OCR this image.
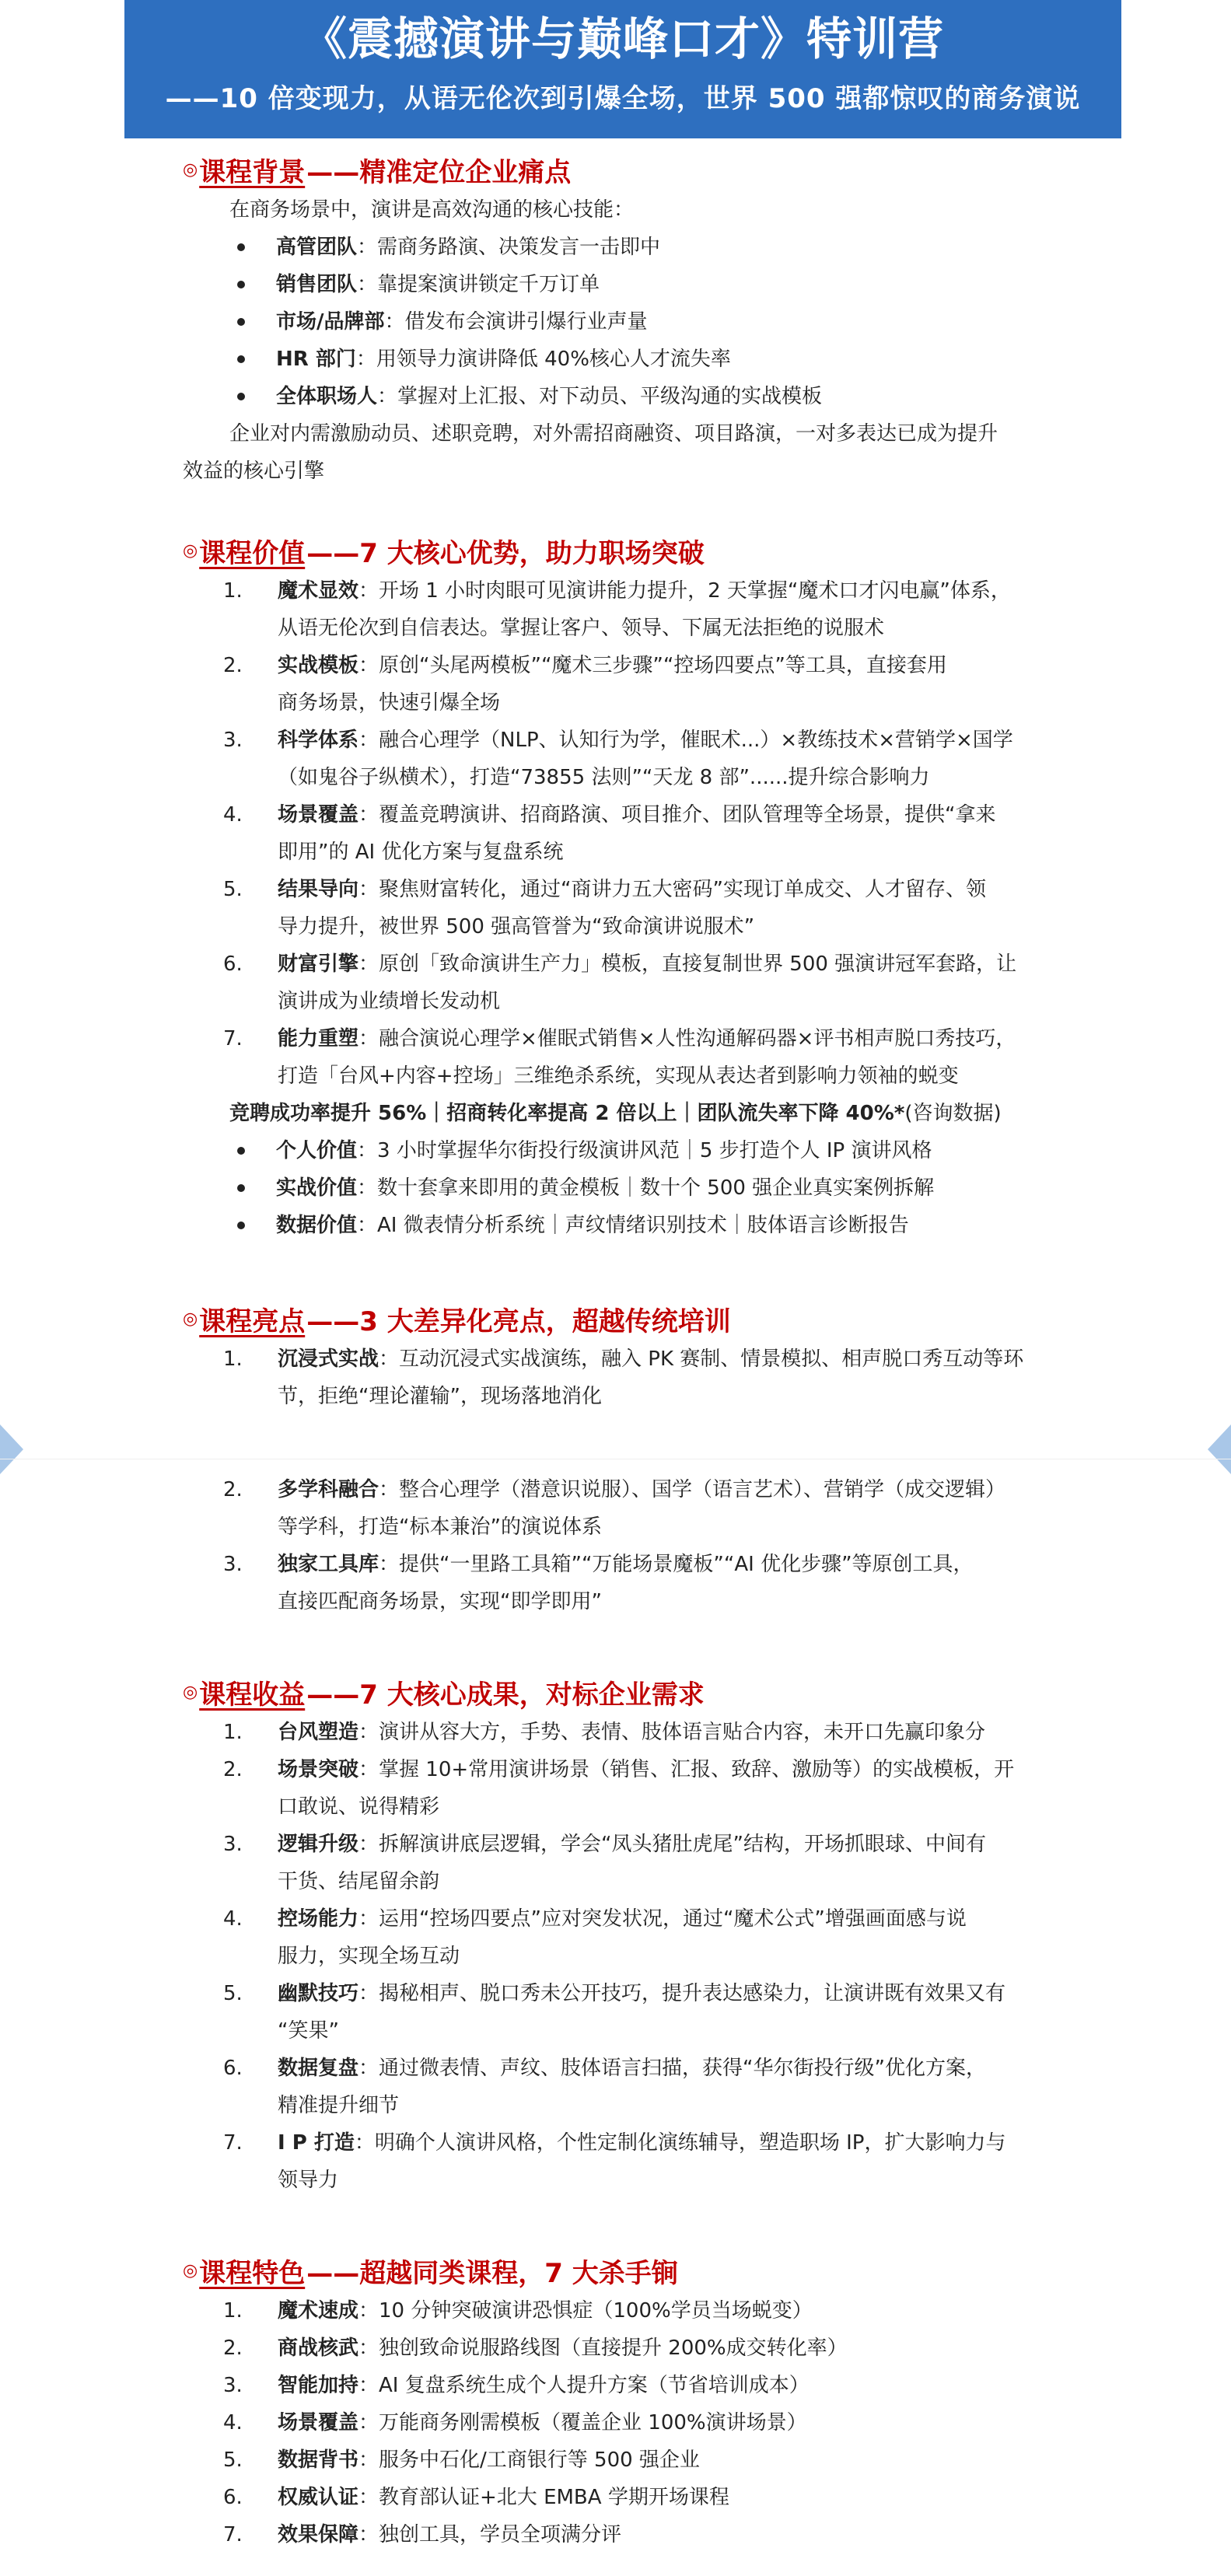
《震撼演讲与巅峰口才》特训营
——10 倍变现力，从语无伦次到引爆全场，世界 500 强都惊叹的商务演说
◎ 课程背景 ——精准定位企业痛点
在商务场景中，演讲是高效沟通的核心技能：
高管团队：需商务路演、决策发言一击即中
销售团队：靠提案演讲锁定千万订单
市场/品牌部：借发布会演讲引爆行业声量
HR 部门：用领导力演讲降低 40%核心人才流失率
全体职场人：掌握对上汇报、对下动员、平级沟通的实战模板
企业对内需激励动员、述职竞聘，对外需招商融资、项目路演，一对多表达已成为提升
效益的核心引擎
◎ 课程价值 ——7 大核心优势，助力职场突破
1.	魔术显效：开场 1 小时肉眼可见演讲能力提升，2 天掌握“魔术口才闪电赢”体系，
从语无伦次到自信表达。掌握让客户、领导、下属无法拒绝的说服术
2.	实战模板：原创“头尾两模板”“魔术三步骤”“控场四要点”等工具，直接套用
商务场景，快速引爆全场
3.	科学体系：融合心理学（NLP、认知行为学，催眠术...）×教练技术×营销学×国学
（如鬼谷子纵横术），打造“73855 法则”“天龙 8 部”......提升综合影响力
4.	场景覆盖：覆盖竞聘演讲、招商路演、项目推介、团队管理等全场景，提供“拿来
即用”的 AI 优化方案与复盘系统
5.	结果导向：聚焦财富转化，通过“商讲力五大密码”实现订单成交、人才留存、领
导力提升，被世界 500 强高管誉为“致命演讲说服术”
6.	财富引擎：原创「致命演讲生产力」模板，直接复制世界 500 强演讲冠军套路，让
演讲成为业绩增长发动机
7.	能力重塑：融合演说心理学×催眠式销售×人性沟通解码器×评书相声脱口秀技巧，
打造「台风+内容+控场」三维绝杀系统，实现从表达者到影响力领袖的蜕变
竞聘成功率提升 56%｜招商转化率提高 2 倍以上｜团队流失率下降 40%*(咨询数据)
个人价值：3 小时掌握华尔街投行级演讲风范｜5 步打造个人 IP 演讲风格
实战价值：数十套拿来即用的黄金模板｜数十个 500 强企业真实案例拆解
数据价值：AI 微表情分析系统｜声纹情绪识别技术｜肢体语言诊断报告
◎ 课程亮点 ——3 大差异化亮点，超越传统培训
1.	沉浸式实战：互动沉浸式实战演练，融入 PK 赛制、情景模拟、相声脱口秀互动等环
节，拒绝“理论灌输”，现场落地消化
2.	多学科融合：整合心理学（潜意识说服）、国学（语言艺术）、营销学（成交逻辑）
等学科，打造“标本兼治”的演说体系
3.	独家工具库：提供“一里路工具箱”“万能场景魔板”“AI 优化步骤”等原创工具，
直接匹配商务场景，实现“即学即用”
◎ 课程收益 ——7 大核心成果，对标企业需求
1.	台风塑造：演讲从容大方，手势、表情、肢体语言贴合内容，未开口先赢印象分
2.	场景突破：掌握 10+常用演讲场景（销售、汇报、致辞、激励等）的实战模板，开
口敢说、说得精彩
3.	逻辑升级：拆解演讲底层逻辑，学会“凤头猪肚虎尾”结构，开场抓眼球、中间有
干货、结尾留余韵
4.	控场能力：运用“控场四要点”应对突发状况，通过“魔术公式”增强画面感与说
服力，实现全场互动
5.	幽默技巧：揭秘相声、脱口秀未公开技巧，提升表达感染力，让演讲既有效果又有
“笑果”
6.	数据复盘：通过微表情、声纹、肢体语言扫描，获得“华尔街投行级”优化方案，
精准提升细节
7.	I P 打造：明确个人演讲风格，个性定制化演练辅导，塑造职场 IP，扩大影响力与
领导力
◎ 课程特色 ——超越同类课程，7 大杀手锏
1.	魔术速成：10 分钟突破演讲恐惧症（100%学员当场蜕变）
2.	商战核武：独创致命说服路线图（直接提升 200%成交转化率）
3.	智能加持：AI 复盘系统生成个人提升方案（节省培训成本）
4.	场景覆盖：万能商务刚需模板（覆盖企业 100%演讲场景）
5.	数据背书：服务中石化/工商银行等 500 强企业
6.	权威认证：教育部认证+北大 EMBA 学期开场课程
7.	效果保障：独创工具，学员全项满分评
